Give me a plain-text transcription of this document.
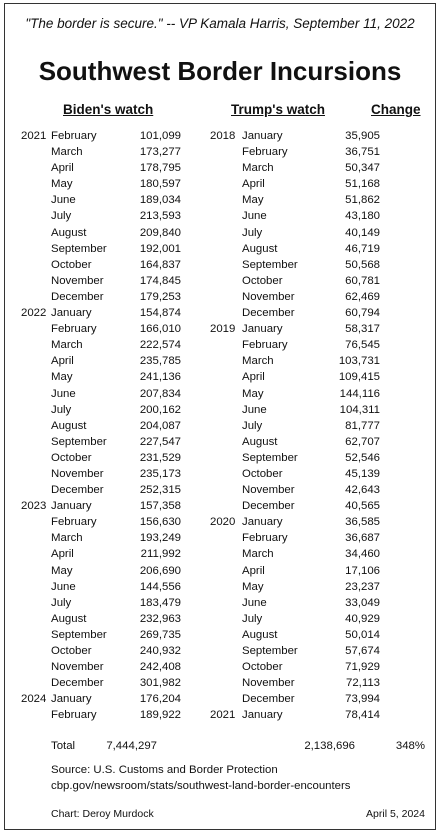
"The border is secure." -- VP Kamala Harris, September 11, 2022
Southwest Border Incursions
Biden's watch	Trump's watch	Change
2021 February	101,099
March	173,277
April	178,795
May	180,597
June	189,034
July	213,593
August	209,840
September	192,001
October	164,837
November	174,845
December	179,253
2022 January	154,874
February	166,010
March	222,574
April	235,785
May	241,136
June	207,834
July	200,162
August	204,087
September	227,547
October	231,529
November	235,173
December	252,315
2023 January	157,358
February	156,630
March	193,249
April	211,992
May	206,690
June	144,556
July	183,479
August	232,963
September	269,735
October	240,932
November	242,408
December	301,982
2024 January	176,204
February	189,922
2018 January	35,905
February	36,751
March	50,347
April	51,168
May	51,862
June	43,180
July	40,149
August	46,719
September	50,568
October	60,781
November	62,469
December	60,794
2019 January	58,317
February	76,545
March	103,731
April	109,415
May	144,116
June	104,311
July	81,777
August	62,707
September	52,546
October	45,139
November	42,643
December	40,565
2020 January	36,585
February	36,687
March	34,460
April	17,106
May	23,237
June	33,049
July	40,929
August	50,014
September	57,674
October	71,929
November	72,113
December	73,994
2021 January	78,414
Total	7,444,297	2,138,696	348%
Source: U.S. Customs and Border Protection
cbp.gov/newsroom/stats/southwest-land-border-encounters
Chart: Deroy Murdock	April 5, 2024
